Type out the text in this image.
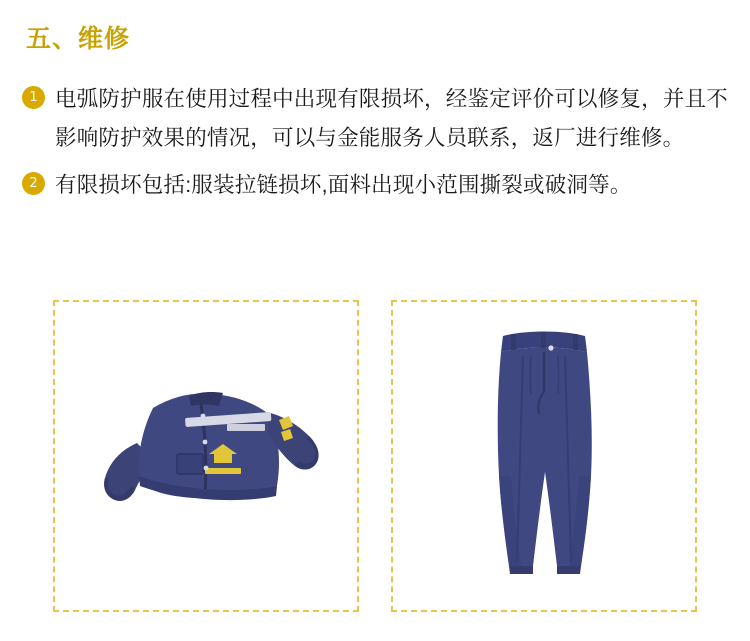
五、维修
1 电弧防护服在使用过程中出现有限损坏，经鉴定评价可以修复，并且不影响防护效果的情况，可以与金能服务人员联系，返厂进行维修。
2 有限损坏包括:服装拉链损坏,面料出现小范围撕裂或破洞等。
